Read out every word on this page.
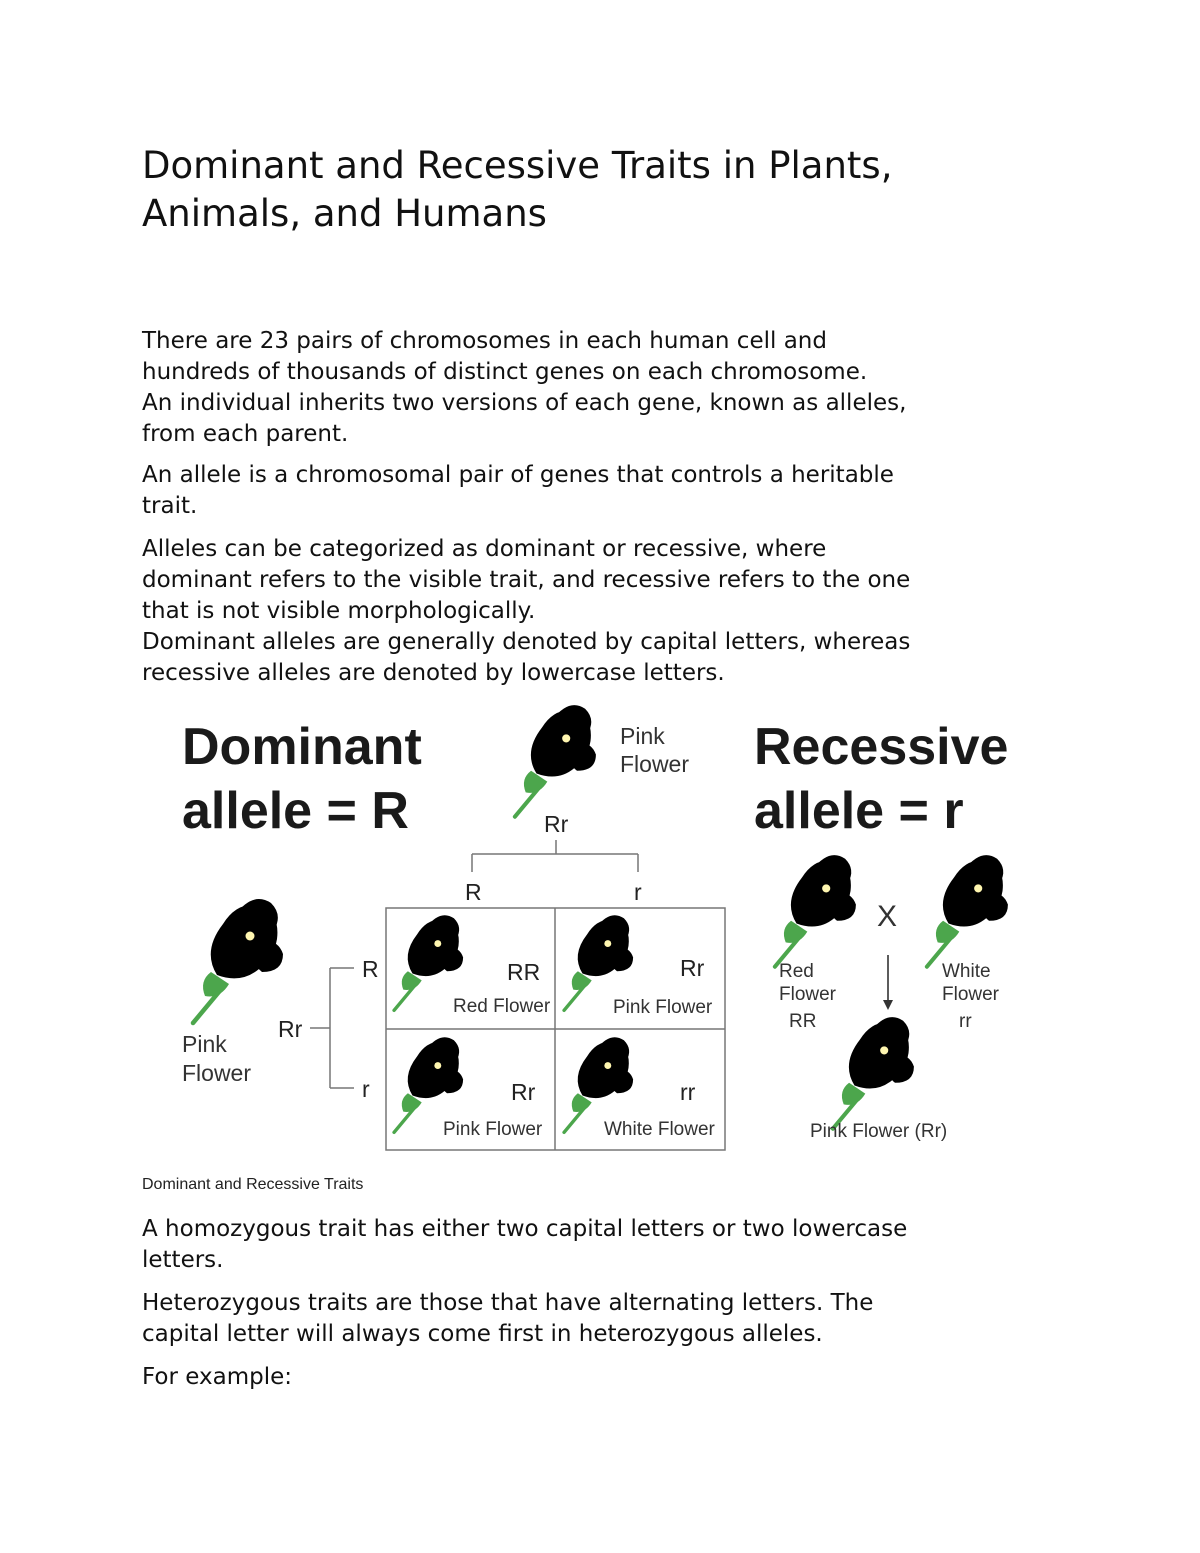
Dominant and Recessive Traits in Plants,
Animals, and Humans

There are 23 pairs of chromosomes in each human cell and
hundreds of thousands of distinct genes on each chromosome.
An individual inherits two versions of each gene, known as alleles,
from each parent.

An allele is a chromosomal pair of genes that controls a heritable
trait.

Alleles can be categorized as dominant or recessive, where
dominant refers to the visible trait, and recessive refers to the one
that is not visible morphologically.
Dominant alleles are generally denoted by capital letters, whereas
recessive alleles are denoted by lowercase letters.

Dominant
allele = R
Recessive
allele = r
Pink
Flower
Rr
R	r
Pink
Flower
Rr
R
r
RR
Red Flower
Rr
Pink Flower
Rr
Pink Flower
rr
White Flower
X
Red
Flower
RR
White
Flower
rr
Pink Flower (Rr)

Dominant and Recessive Traits

A homozygous trait has either two capital letters or two lowercase
letters.

Heterozygous traits are those that have alternating letters. The
capital letter will always come first in heterozygous alleles.

For example:
